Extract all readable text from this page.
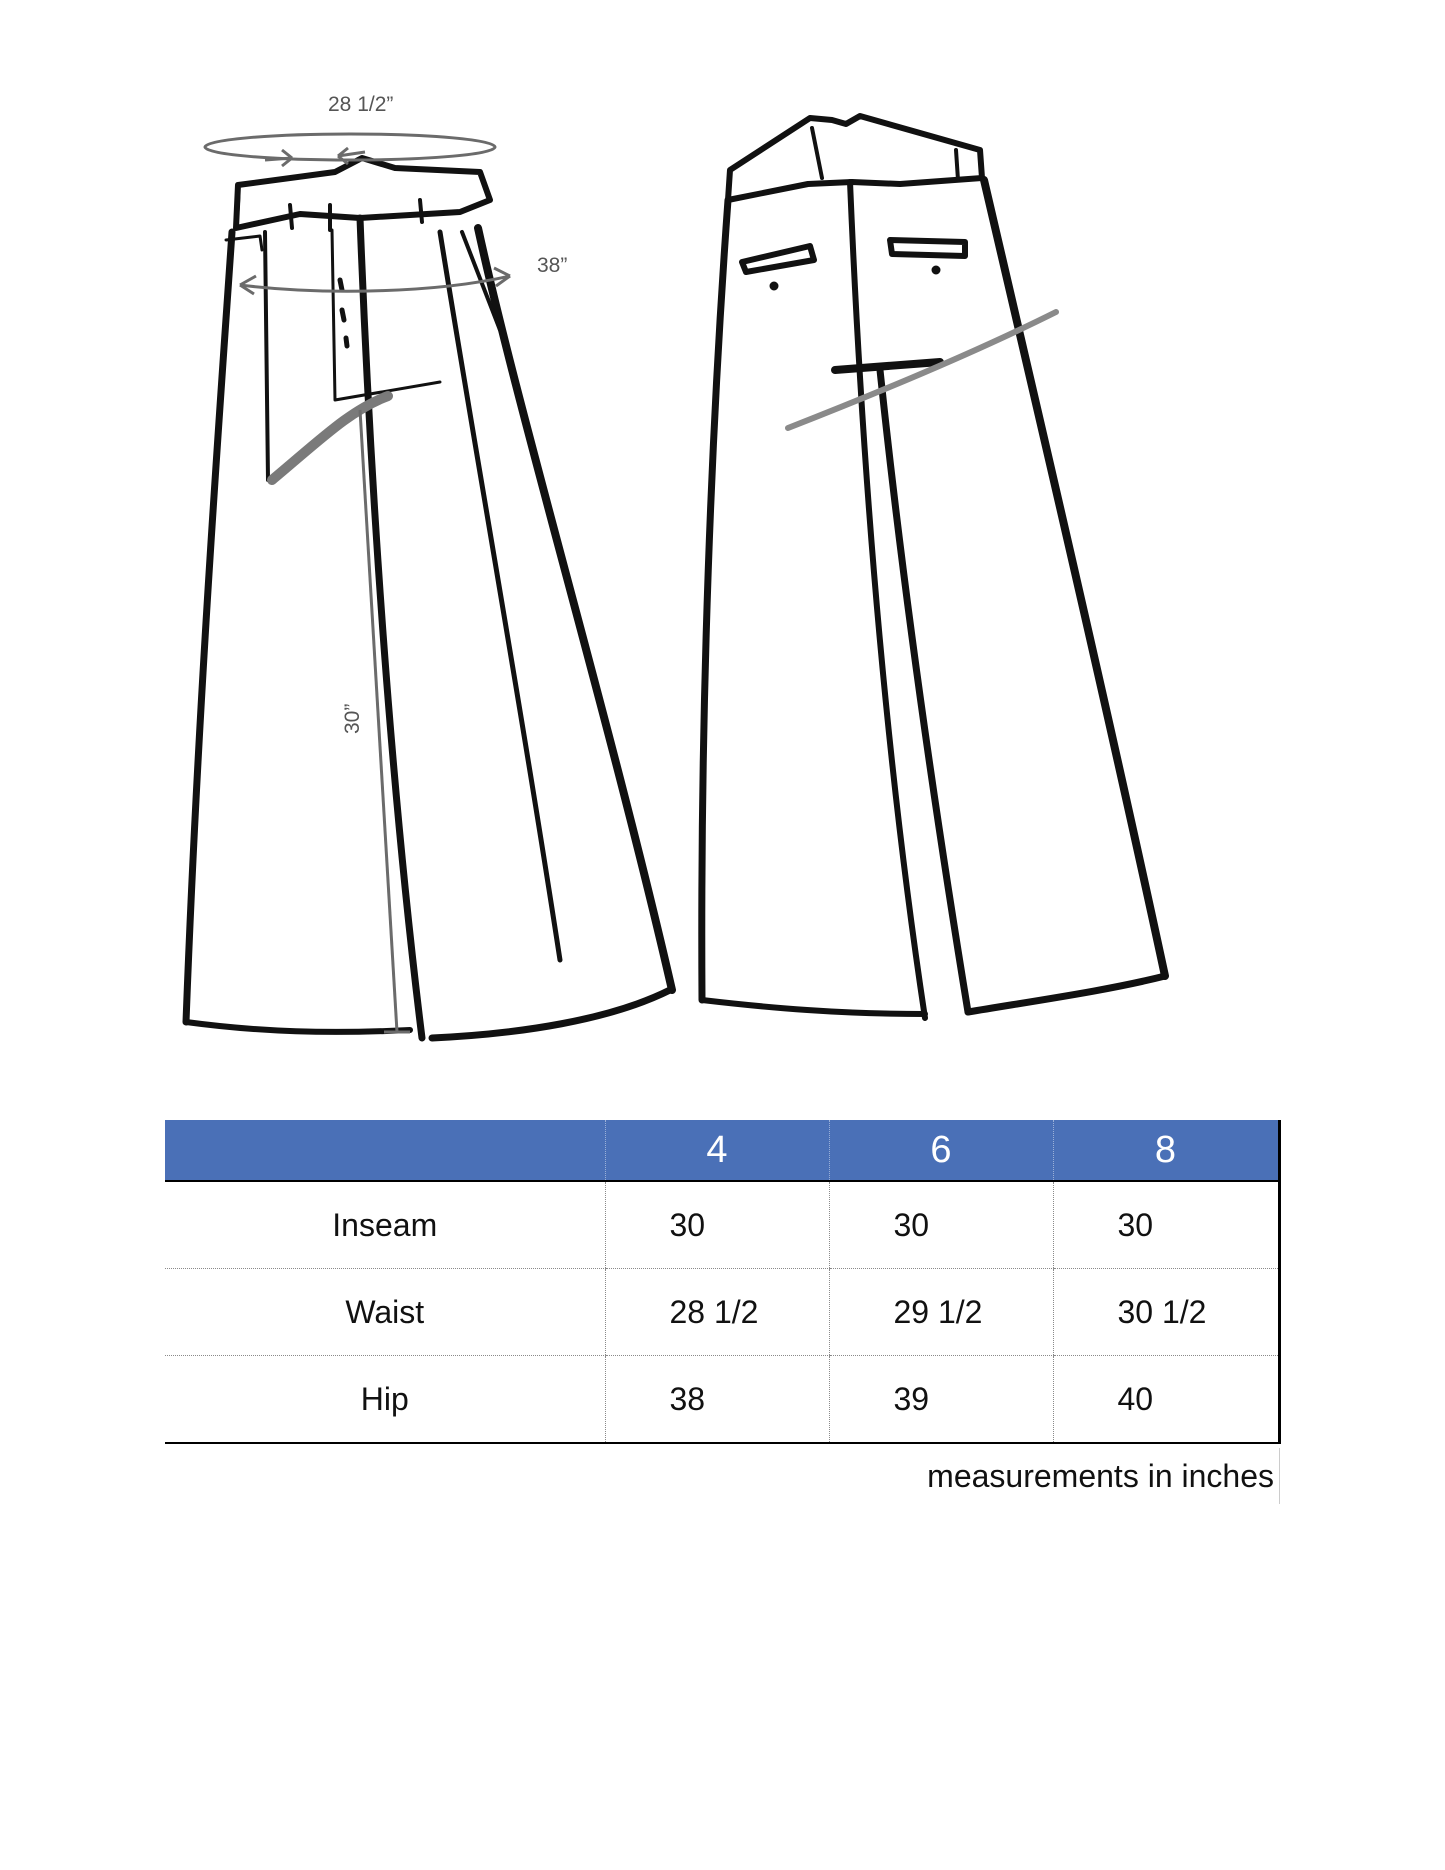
28 1/2”
38”
30”
	4	6	8
Inseam	30	30	30
Waist	28 1/2	29 1/2	30 1/2
Hip	38	39	40
measurements in inches
